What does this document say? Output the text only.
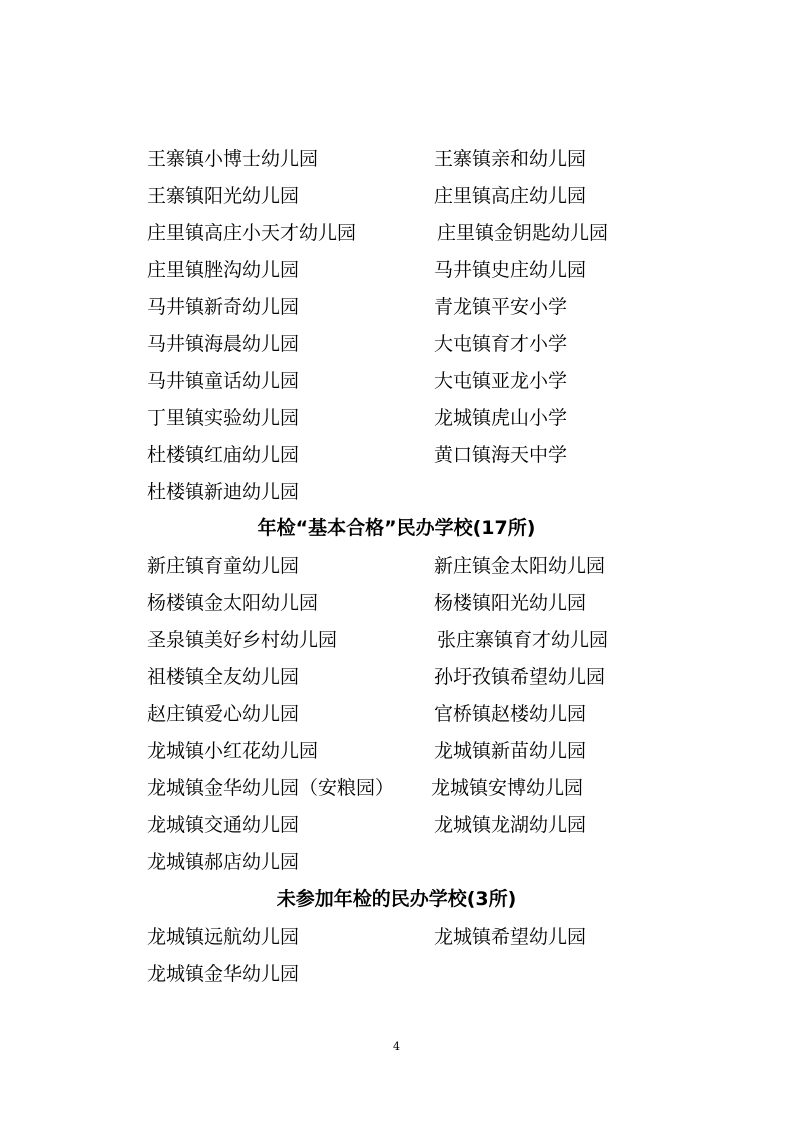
王寨镇小博士幼儿园	王寨镇亲和幼儿园
王寨镇阳光幼儿园	庄里镇高庄幼儿园
庄里镇高庄小天才幼儿园	庄里镇金钥匙幼儿园
庄里镇脞沟幼儿园	马井镇史庄幼儿园
马井镇新奇幼儿园	青龙镇平安小学
马井镇海晨幼儿园	大屯镇育才小学
马井镇童话幼儿园	大屯镇亚龙小学
丁里镇实验幼儿园	龙城镇虎山小学
杜楼镇红庙幼儿园	黄口镇海天中学
杜楼镇新迪幼儿园
年检“基本合格”民办学校(17所)
新庄镇育童幼儿园	新庄镇金太阳幼儿园
杨楼镇金太阳幼儿园	杨楼镇阳光幼儿园
圣泉镇美好乡村幼儿园	张庄寨镇育才幼儿园
祖楼镇全友幼儿园	孙圩孜镇希望幼儿园
赵庄镇爱心幼儿园	官桥镇赵楼幼儿园
龙城镇小红花幼儿园	龙城镇新苗幼儿园
龙城镇金华幼儿园（安粮园） 龙城镇安博幼儿园
龙城镇交通幼儿园	龙城镇龙湖幼儿园
龙城镇郝店幼儿园
未参加年检的民办学校(3所)
龙城镇远航幼儿园	龙城镇希望幼儿园
龙城镇金华幼儿园
4
